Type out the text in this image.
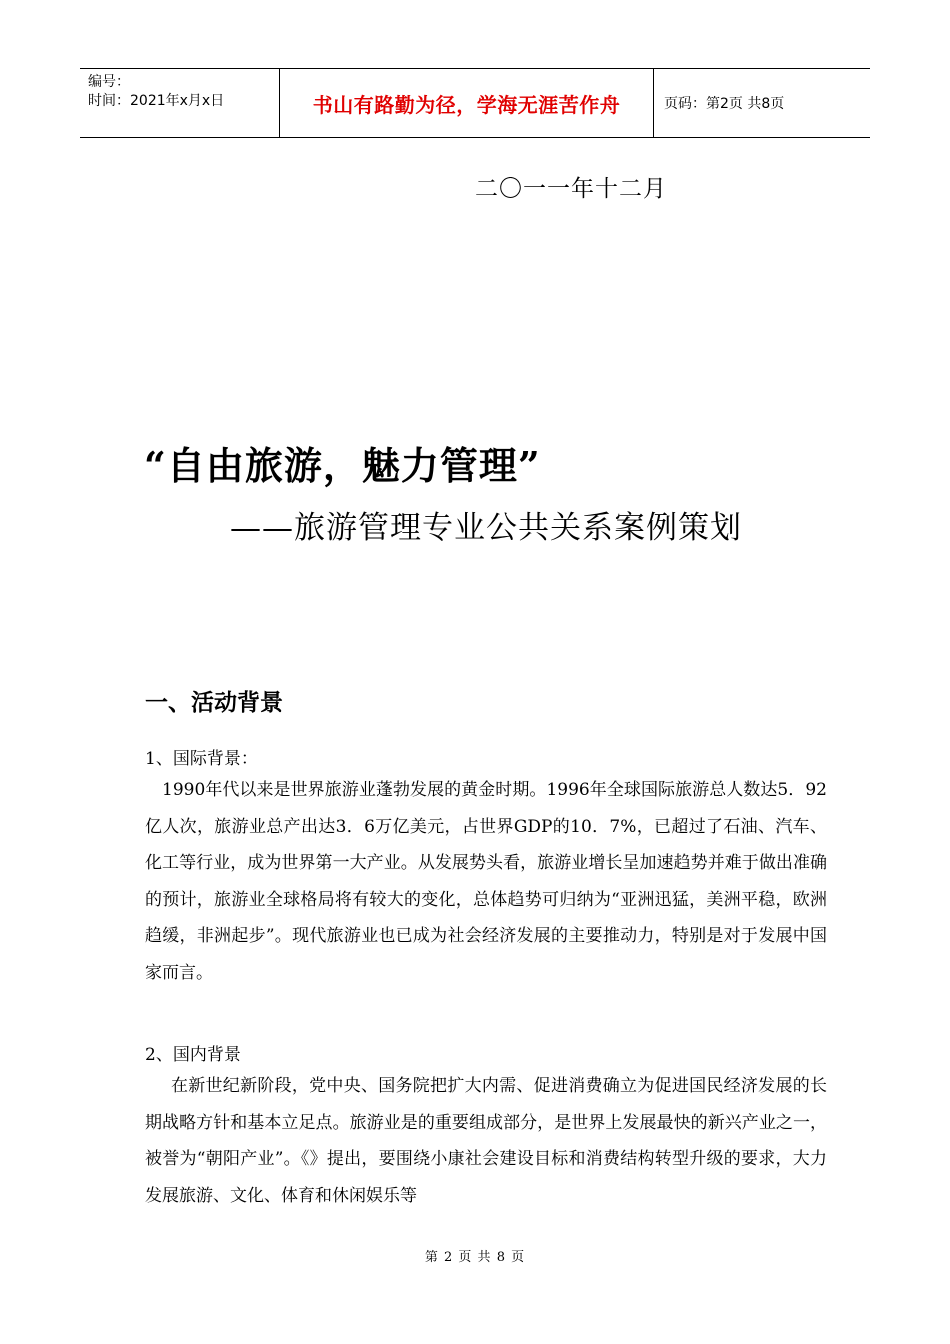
编号：
时间：2021年x月x日	书山有路勤为径，学海无涯苦作舟	页码：第2页 共8页
二〇一一年十二月
“自由旅游，魅力管理”
——旅游管理专业公共关系案例策划
一、活动背景
1、国际背景：

1990年代以来是世界旅游业蓬勃发展的黄金时期。1996年全球国际旅游总人数达5．92亿人次，旅游业总产出达3．6万亿美元，占世界GDP的10．7%，已超过了石油、汽车、化工等行业，成为世界第一大产业。从发展势头看，旅游业增长呈加速趋势并难于做出准确的预计，旅游业全球格局将有较大的变化，总体趋势可归纳为“亚洲迅猛，美洲平稳，欧洲趋缓，非洲起步”。现代旅游业也已成为社会经济发展的主要推动力，特别是对于发展中国家而言。

2、国内背景

在新世纪新阶段，党中央、国务院把扩大内需、促进消费确立为促进国民经济发展的长期战略方针和基本立足点。旅游业是的重要组成部分，是世界上发展最快的新兴产业之一，被誉为“朝阳产业”。《》提出，要围绕小康社会建设目标和消费结构转型升级的要求，大力发展旅游、文化、体育和休闲娱乐等

第 2 页 共 8 页
